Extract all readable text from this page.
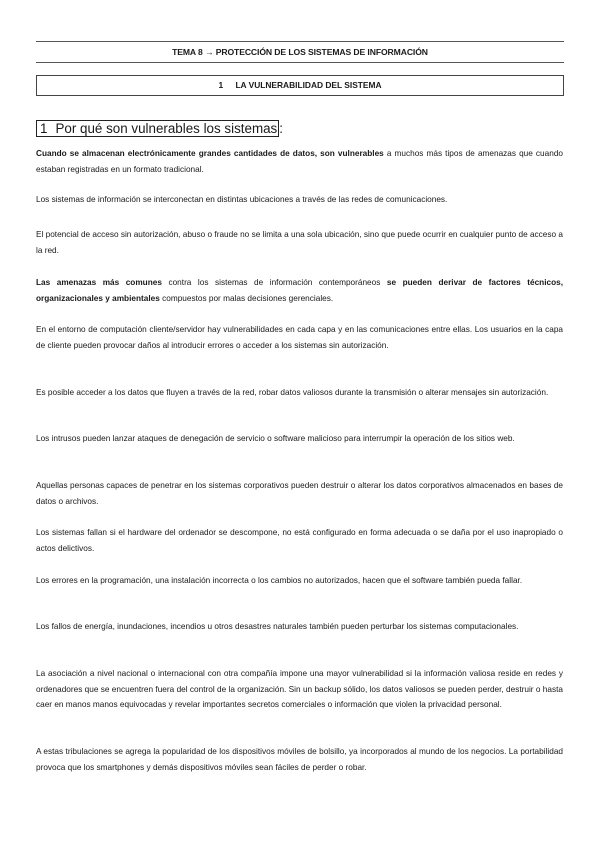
TEMA 8 → PROTECCIÓN DE LOS SISTEMAS DE INFORMACIÓN
1 LA VULNERABILIDAD DEL SISTEMA
1 Por qué son vulnerables los sistemas :

Cuando se almacenan electrónicamente grandes cantidades de datos, son vulnerables a muchos más tipos de amenazas que cuando estaban registradas en un formato tradicional.

Los sistemas de información se interconectan en distintas ubicaciones a través de las redes de comunicaciones.

El potencial de acceso sin autorización, abuso o fraude no se limita a una sola ubicación, sino que puede ocurrir en cualquier punto de acceso a la red.

Las amenazas más comunes contra los sistemas de información contemporáneos se pueden derivar de factores técnicos, organizacionales y ambientales compuestos por malas decisiones gerenciales.

En el entorno de computación cliente/servidor hay vulnerabilidades en cada capa y en las comunicaciones entre ellas. Los usuarios en la capa de cliente pueden provocar daños al introducir errores o acceder a los sistemas sin autorización.

Es posible acceder a los datos que fluyen a través de la red, robar datos valiosos durante la transmisión o alterar mensajes sin autorización.

Los intrusos pueden lanzar ataques de denegación de servicio o software malicioso para interrumpir la operación de los sitios web.

Aquellas personas capaces de penetrar en los sistemas corporativos pueden destruir o alterar los datos corporativos almacenados en bases de datos o archivos.

Los sistemas fallan si el hardware del ordenador se descompone, no está configurado en forma adecuada o se daña por el uso inapropiado o actos delictivos.

Los errores en la programación, una instalación incorrecta o los cambios no autorizados, hacen que el software también pueda fallar.

Los fallos de energía, inundaciones, incendios u otros desastres naturales también pueden perturbar los sistemas computacionales.

La asociación a nivel nacional o internacional con otra compañía impone una mayor vulnerabilidad si la información valiosa reside en redes y ordenadores que se encuentren fuera del control de la organización. Sin un backup sólido, los datos valiosos se pueden perder, destruir o hasta caer en manos manos equivocadas y revelar importantes secretos comerciales o información que violen la privacidad personal.

A estas tribulaciones se agrega la popularidad de los dispositivos móviles de bolsillo, ya incorporados al mundo de los negocios. La portabilidad provoca que los smartphones y demás dispositivos móviles sean fáciles de perder o robar.
